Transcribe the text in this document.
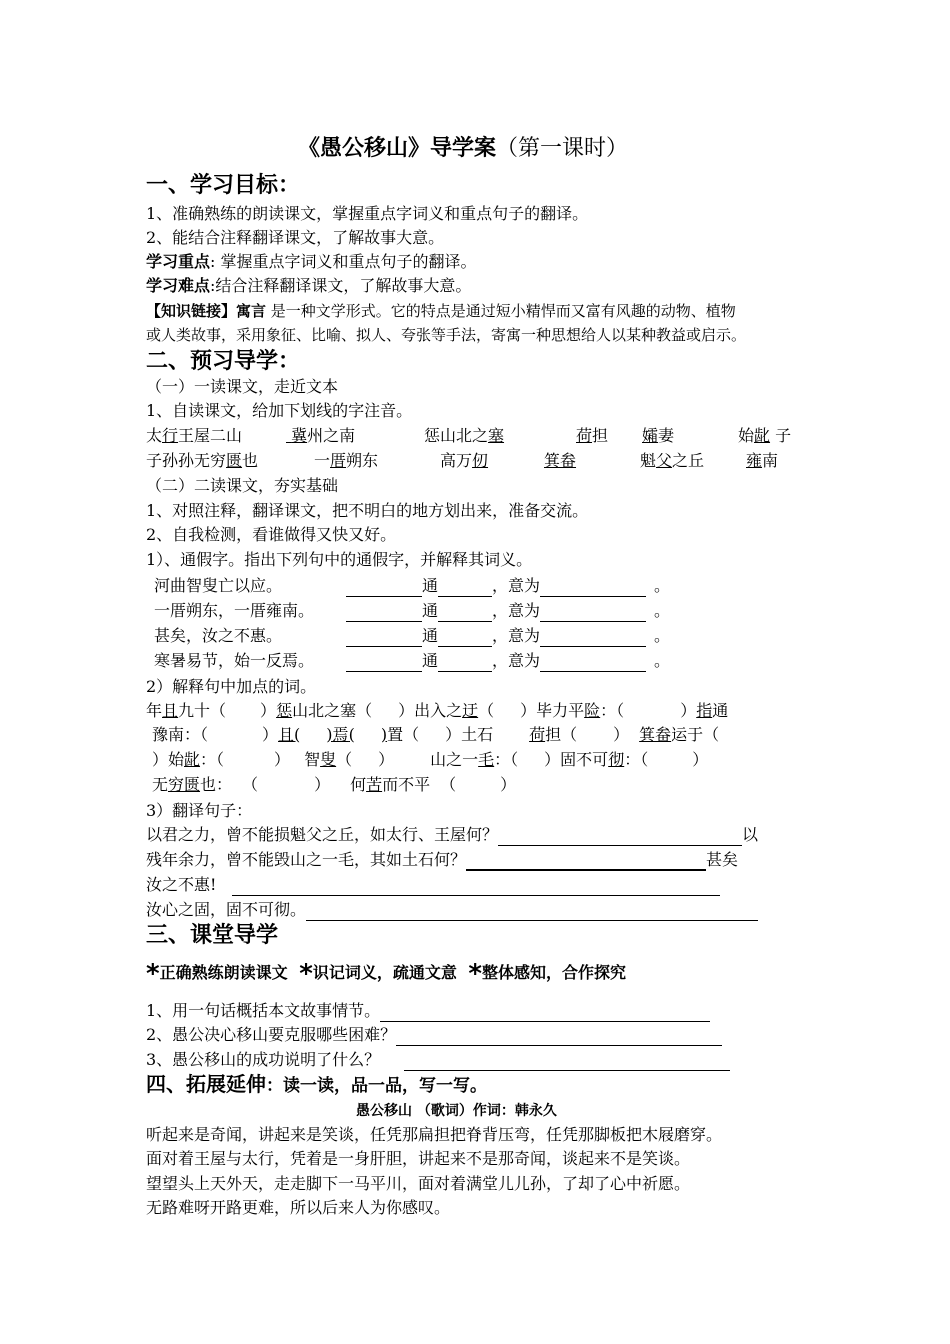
《愚公移山》导学案（第一课时）
一、学习目标：
1、准确熟练的朗读课文，掌握重点字词义和重点句子的翻译。
2、能结合注释翻译课文，了解故事大意。
学习重点: 掌握重点字词义和重点句子的翻译。
学习难点:结合注释翻译课文，了解故事大意。
【知识链接】寓言 是一种文学形式。它的特点是通过短小精悍而又富有风趣的动物、植物
或人类故事，采用象征、比喻、拟人、夸张等手法，寄寓一种思想给人以某种教益或启示。
二、预习导学：
（一）一读课文，走近文本
1、自读课文，给加下划线的字注音。
太行王屋二山	冀州之南	惩山北之塞	荷担 孀妻	始龀 子
子孙孙无穷匮也	一厝朔东	高万仞	箕畚	魁父之丘	雍南
（二）二读课文，夯实基础
1、对照注释，翻译课文，把不明白的地方划出来，准备交流。
2、自我检测，看谁做得又快又好。
1）、通假字。指出下列句中的通假字，并解释其词义。
河曲智叟亡以应。	通	，意为	。
一厝朔东，一厝雍南。	通	，意为	。
甚矣，汝之不惠。	通	，意为	。
寒暑易节，始一反焉。	通	，意为	。
2）解释句中加点的词。
年且九十（ ）惩山北之塞（ ）出入之迂（ ）毕力平险：（	）指通
豫南：（	）且( )焉( )置（ ）土石 荷担（ ） 箕畚运于（
）始龀：（	） 智叟（ ） 山之一毛：（ ）固不可彻：（	）
无穷匮也： （	） 何苦而不平 （	）
3）翻译句子：
以君之力，曾不能损魁父之丘，如太行、王屋何？	以
残年余力，曾不能毁山之一毛，其如土石何？	甚矣
汝之不惠!
汝心之固，固不可彻。
三、课堂导学
*正确熟练朗读课文 *识记词义，疏通文意 *整体感知，合作探究
1、用一句话概括本文故事情节。
2、愚公决心移山要克服哪些困难？
3、愚公移山的成功说明了什么？
四、拓展延伸：读一读，品一品，写一写。
愚公移山 （歌词）作词：韩永久
听起来是奇闻，讲起来是笑谈，任凭那扁担把脊背压弯，任凭那脚板把木屐磨穿。
面对着王屋与太行，凭着是一身肝胆，讲起来不是那奇闻，谈起来不是笑谈。
望望头上天外天，走走脚下一马平川，面对着满堂儿儿孙，了却了心中祈愿。
无路难呀开路更难，所以后来人为你感叹。
